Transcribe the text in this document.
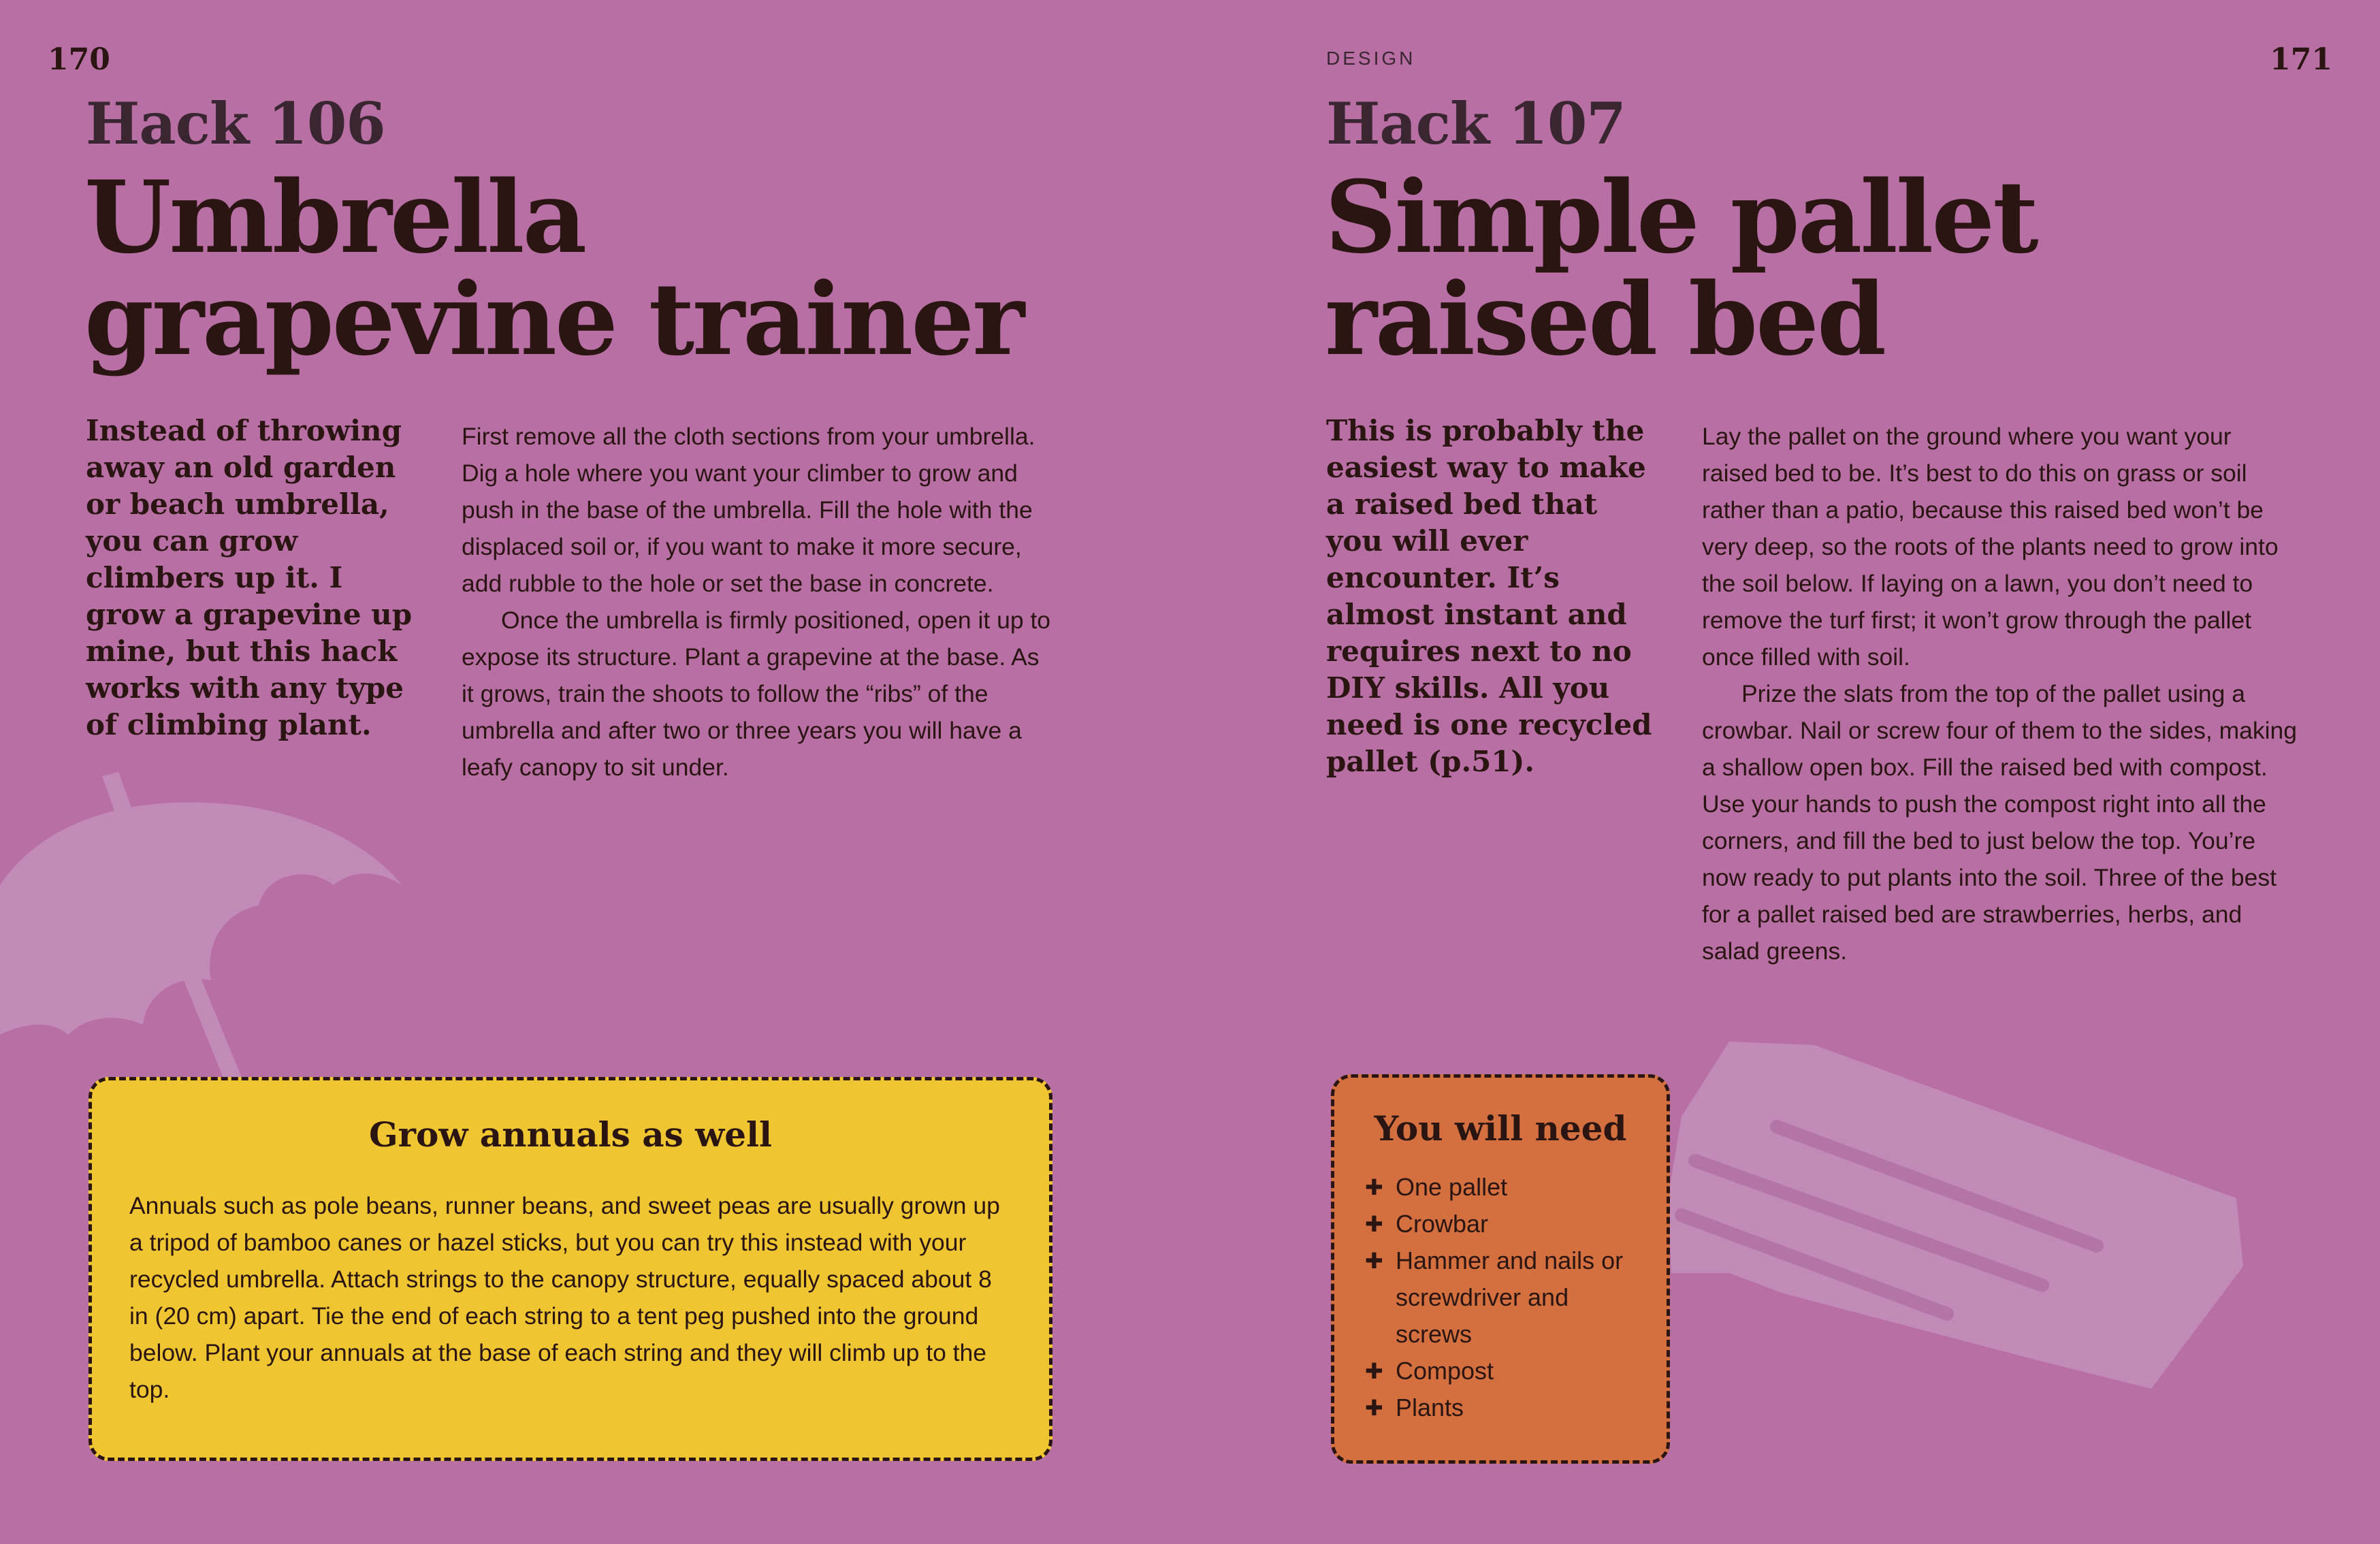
170	171
DESIGN
Hack 106
Umbrella
grapevine trainer
Instead of throwing away an old garden or beach umbrella, you can grow climbers up it. I grow a grapevine up mine, but this hack works with any type of climbing plant.

First remove all the cloth sections from your umbrella. Dig a hole where you want your climber to grow and push in the base of the umbrella. Fill the hole with the displaced soil or, if you want to make it more secure, add rubble to the hole or set the base in concrete.

Once the umbrella is firmly positioned, open it up to expose its structure. Plant a grapevine at the base. As it grows, train the shoots to follow the “ribs” of the umbrella and after two or three years you will have a leafy canopy to sit under.

Grow annuals as well
Annuals such as pole beans, runner beans, and sweet peas are usually grown up a tripod of bamboo canes or hazel sticks, but you can try this instead with your recycled umbrella. Attach strings to the canopy structure, equally spaced about 8 in (20 cm) apart. Tie the end of each string to a tent peg pushed into the ground below. Plant your annuals at the base of each string and they will climb up to the top.
Hack 107
Simple pallet
raised bed
This is probably the easiest way to make a raised bed that you will ever encounter. It’s almost instant and requires next to no DIY skills. All you need is one recycled pallet (p.51).

Lay the pallet on the ground where you want your raised bed to be. It’s best to do this on grass or soil rather than a patio, because this raised bed won’t be very deep, so the roots of the plants need to grow into the soil below. If laying on a lawn, you don’t need to remove the turf first; it won’t grow through the pallet once filled with soil.

Prize the slats from the top of the pallet using a crowbar. Nail or screw four of them to the sides, making a shallow open box. Fill the raised bed with compost. Use your hands to push the compost right into all the corners, and fill the bed to just below the top. You’re now ready to put plants into the soil. Three of the best for a pallet raised bed are strawberries, herbs, and salad greens.

You will need
✚ One pallet
✚ Crowbar
✚ Hammer and nails or screwdriver and screws
✚ Compost
✚ Plants
